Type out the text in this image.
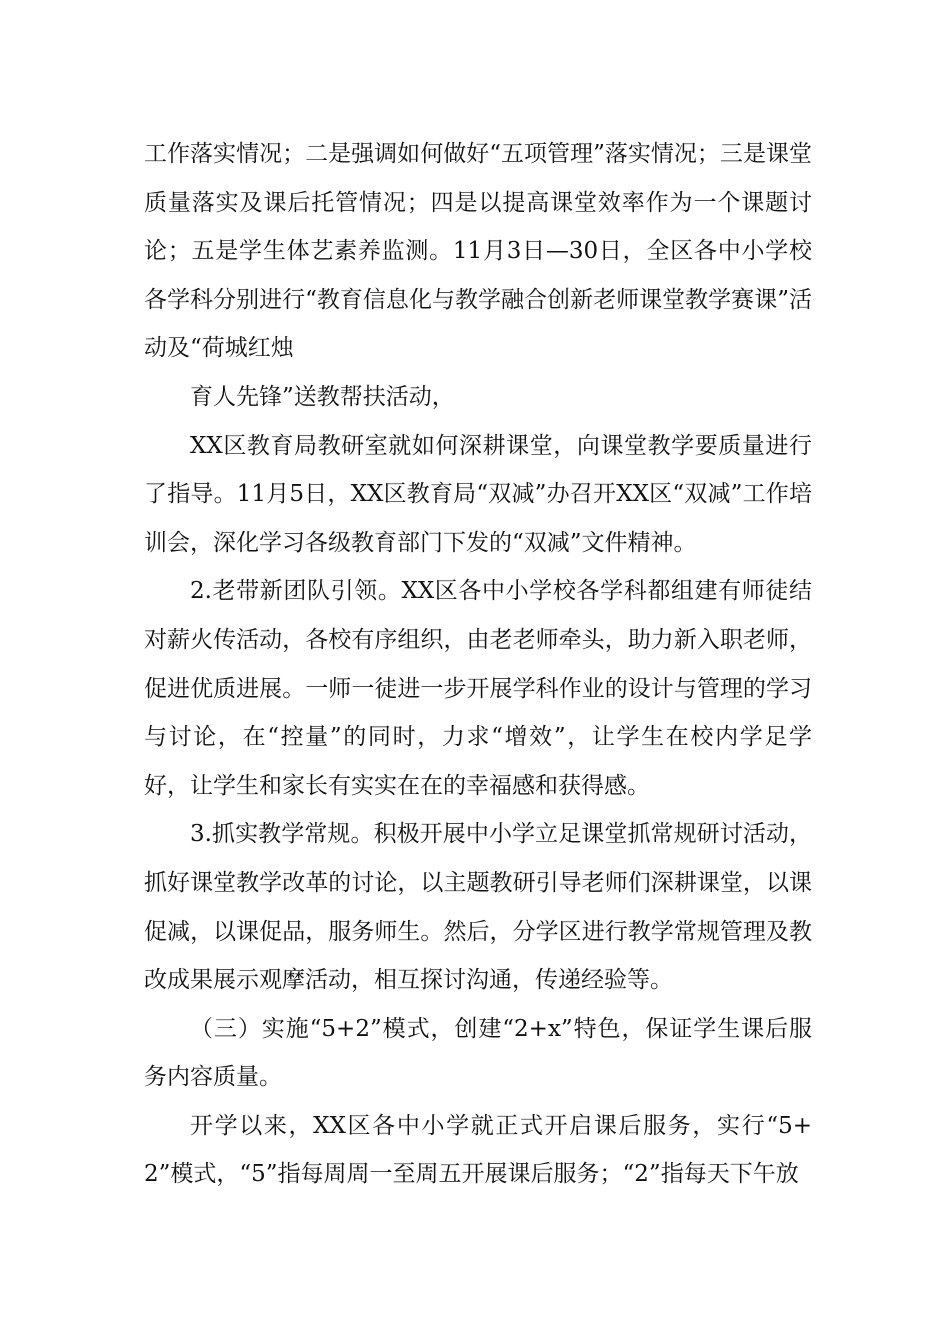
工作落实情况；二是强调如何做好“五项管理”落实情况；三是课堂质量落实及课后托管情况；四是以提高课堂效率作为一个课题讨论；五是学生体艺素养监测。11月3日—30日，全区各中小学校各学科分别进行“教育信息化与教学融合创新老师课堂教学赛课”活动及“荷城红烛

育人先锋”送教帮扶活动，

XX区教育局教研室就如何深耕课堂，向课堂教学要质量进行了指导。11月5日，XX区教育局“双减”办召开XX区“双减”工作培训会，深化学习各级教育部门下发的“双减”文件精神。

2.老带新团队引领。XX区各中小学校各学科都组建有师徒结对薪火传活动，各校有序组织，由老老师牵头，助力新入职老师，促进优质进展。一师一徒进一步开展学科作业的设计与管理的学习与讨论，在“控量”的同时，力求“增效”，让学生在校内学足学好，让学生和家长有实实在在的幸福感和获得感。

3.抓实教学常规。积极开展中小学立足课堂抓常规研讨活动，抓好课堂教学改革的讨论，以主题教研引导老师们深耕课堂，以课促减，以课促品，服务师生。然后，分学区进行教学常规管理及教改成果展示观摩活动，相互探讨沟通，传递经验等。

（三）实施“5+2”模式，创建“2+x”特色，保证学生课后服务内容质量。

开学以来，XX区各中小学就正式开启课后服务，实行“5+2”模式，“5”指每周周一至周五开展课后服务；“2”指每天下午放
